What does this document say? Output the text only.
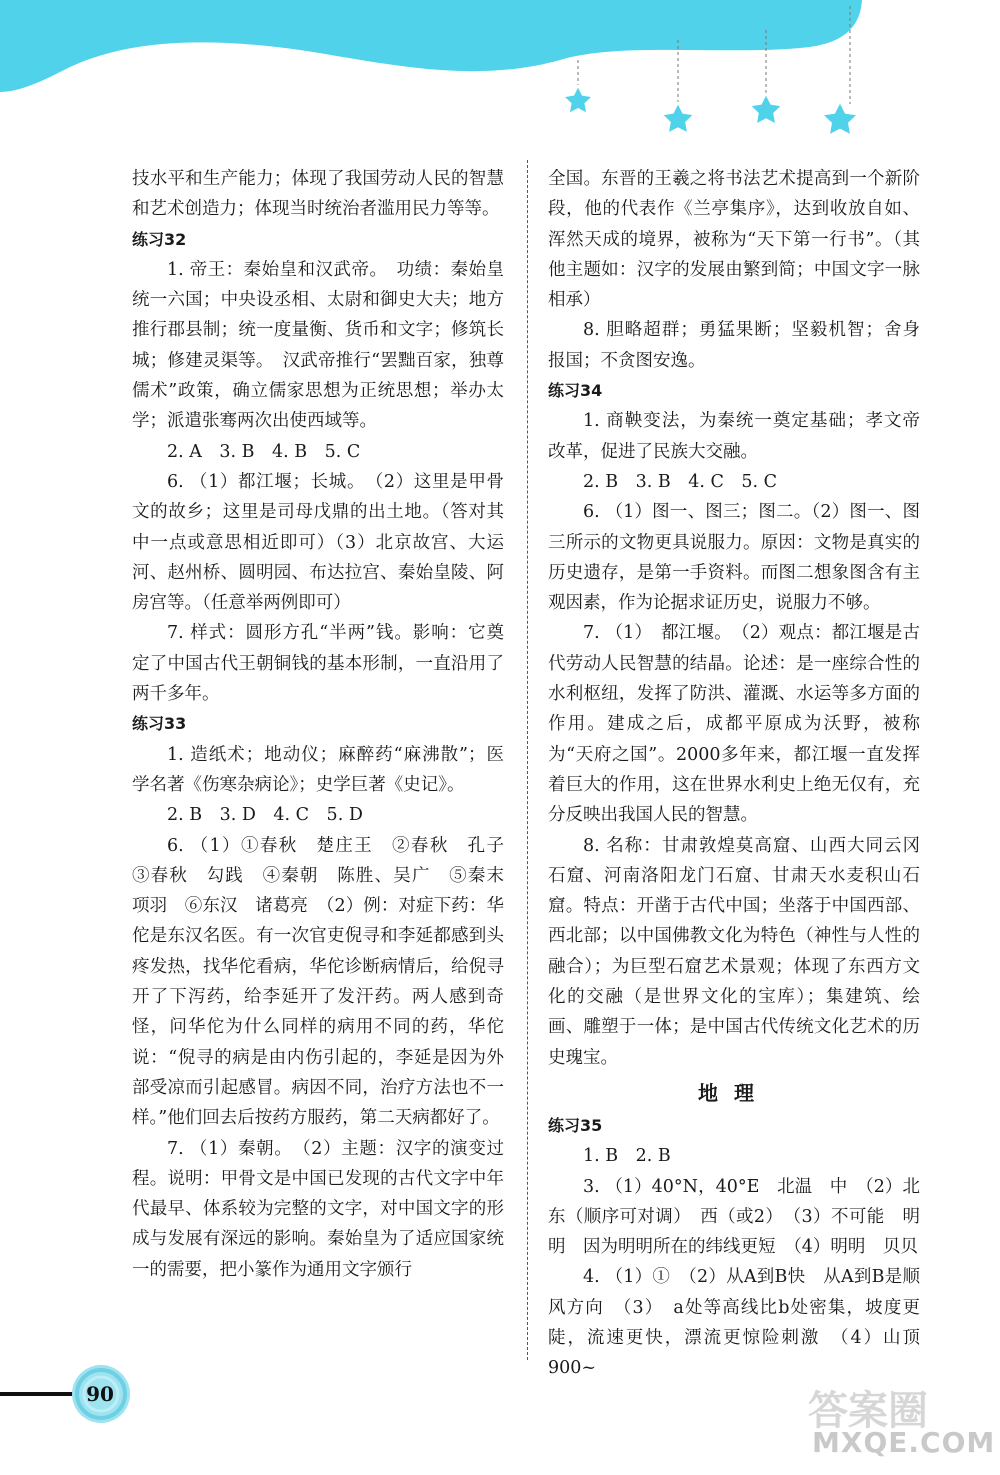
技水平和生产能力；体现了我国劳动人民的智慧和艺术创造力；体现当时统治者滥用民力等等。

练习32

1. 帝王：秦始皇和汉武帝。　功绩：秦始皇统一六国；中央设丞相、太尉和御史大夫；地方推行郡县制；统一度量衡、货币和文字；修筑长城；修建灵渠等。　汉武帝推行“罢黜百家，独尊儒术”政策，确立儒家思想为正统思想；举办太学；派遣张骞两次出使西域等。

2. A　3. B　4. B　5. C

6. （1）都江堰；长城。　（2）这里是甲骨文的故乡；这里是司母戊鼎的出土地。（答对其中一点或意思相近即可）（3）北京故宫、大运河、赵州桥、圆明园、布达拉宫、秦始皇陵、阿房宫等。（任意举两例即可）

7. 样式：圆形方孔“半两”钱。影响：它奠定了中国古代王朝铜钱的基本形制，一直沿用了两千多年。

练习33

1. 造纸术；地动仪；麻醉药“麻沸散”；医学名著《伤寒杂病论》；史学巨著《史记》。

2. B　3. D　4. C　5. D

6. （1）①春秋　楚庄王　②春秋　孔子　③春秋　勾践　④秦朝　陈胜、吴广　⑤秦末　项羽　⑥东汉　诸葛亮　（2）例：对症下药：华佗是东汉名医。有一次官吏倪寻和李延都感到头疼发热，找华佗看病，华佗诊断病情后，给倪寻开了下泻药，给李延开了发汗药。两人感到奇怪，问华佗为什么同样的病用不同的药，华佗说：“倪寻的病是由内伤引起的，李延是因为外部受凉而引起感冒。病因不同，治疗方法也不一样。”他们回去后按药方服药，第二天病都好了。

7. （1）秦朝。　（2）主题：汉字的演变过程。说明：甲骨文是中国已发现的古代文字中年代最早、体系较为完整的文字，对中国文字的形成与发展有深远的影响。秦始皇为了适应国家统一的需要，把小篆作为通用文字颁行

全国。东晋的王羲之将书法艺术提高到一个新阶段，他的代表作《兰亭集序》，达到收放自如、浑然天成的境界，被称为“天下第一行书”。（其他主题如：汉字的发展由繁到简；中国文字一脉相承）

8. 胆略超群；勇猛果断；坚毅机智；舍身报国；不贪图安逸。

练习34

1. 商鞅变法，为秦统一奠定基础；孝文帝改革，促进了民族大交融。

2. B　3. B　4. C　5. C

6. （1）图一、图三；图二。（2）图一、图三所示的文物更具说服力。原因：文物是真实的历史遗存，是第一手资料。而图二想象图含有主观因素，作为论据求证历史，说服力不够。

7. （1）　都江堰。　（2）观点：都江堰是古代劳动人民智慧的结晶。论述：是一座综合性的水利枢纽，发挥了防洪、灌溉、水运等多方面的作用。建成之后，成都平原成为沃野，被称为“天府之国”。2000多年来，都江堰一直发挥着巨大的作用，这在世界水利史上绝无仅有，充分反映出我国人民的智慧。

8. 名称：甘肃敦煌莫高窟、山西大同云冈石窟、河南洛阳龙门石窟、甘肃天水麦积山石窟。特点：开凿于古代中国；坐落于中国西部、西北部；以中国佛教文化为特色（神性与人性的融合）；为巨型石窟艺术景观；体现了东西方文化的交融（是世界文化的宝库）；集建筑、绘画、雕塑于一体；是中国古代传统文化艺术的历史瑰宝。

地理

练习35

1. B　2. B

3. （1）40°N，40°E　北温　中　（2）北东（顺序可对调）　西（或2）　（3）不可能　明明　因为明明所在的纬线更短　（4）明明　贝贝

4. （1）①　（2）从A到B快　从A到B是顺风方向　（3）　a处等高线比b处密集，坡度更陡，流速更快，漂流更惊险刺激　（4）山顶　900~

90	答案圈
MXQE.COM
